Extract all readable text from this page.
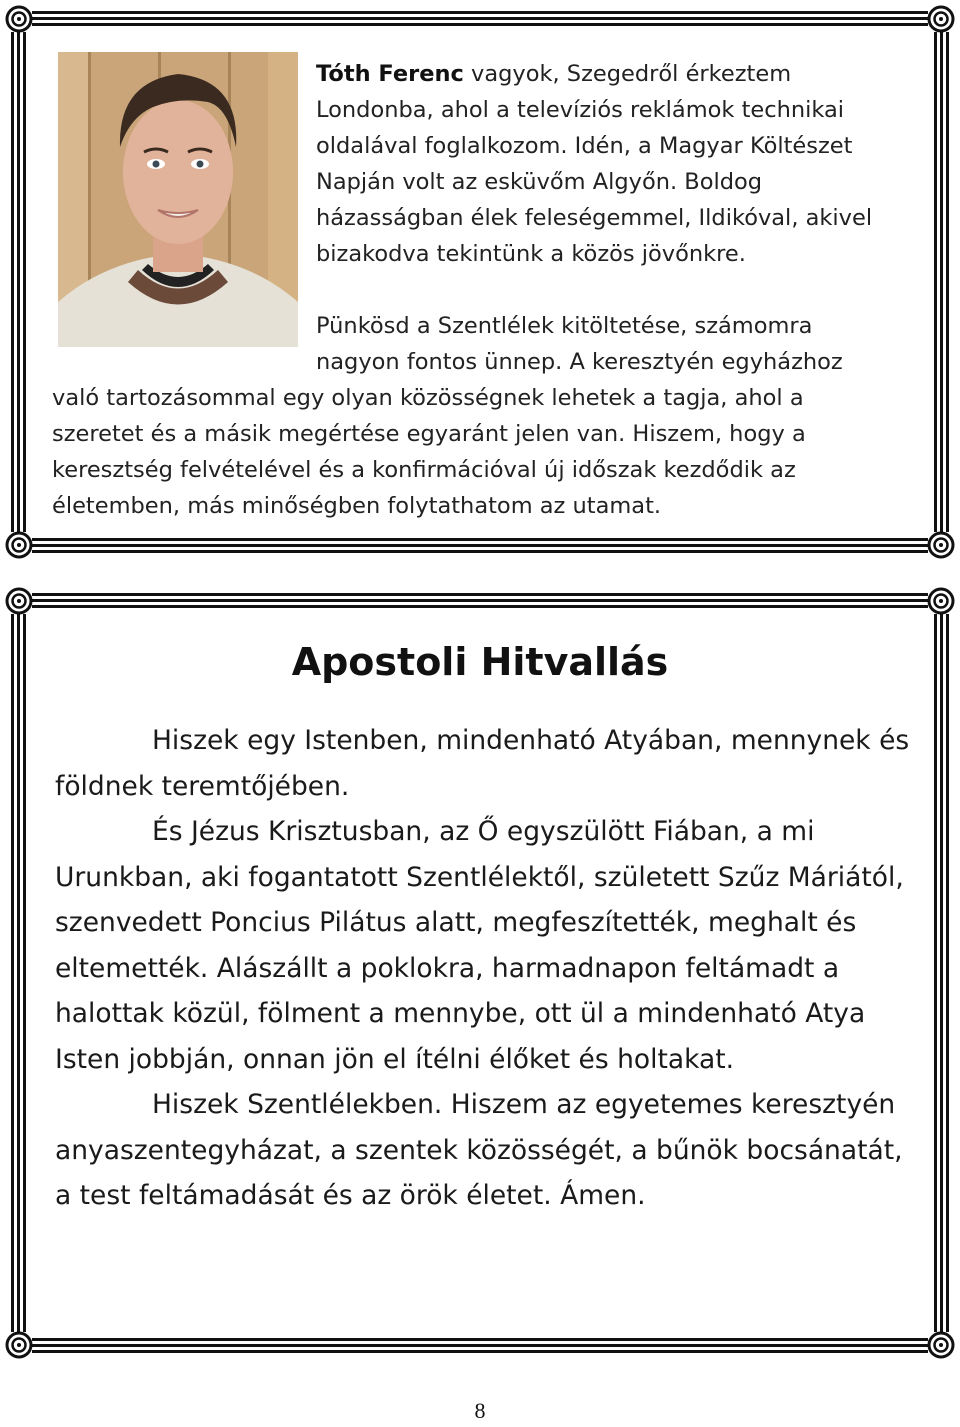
Tóth Ferenc vagyok, Szegedről érkeztem Londonba, ahol a televíziós reklámok technikai oldalával foglalkozom. Idén, a Magyar Költészet Napján volt az esküvőm Algyőn. Boldog házasságban élek feleségemmel, Ildikóval, akivel bizakodva tekintünk a közös jövőnkre.

Pünkösd a Szentlélek kitöltetése, számomra nagyon fontos ünnep. A keresztyén egyházhoz való tartozásommal egy olyan közösségnek lehetek a tagja, ahol a szeretet és a másik megértése egyaránt jelen van. Hiszem, hogy a keresztség felvételével és a konfirmációval új időszak kezdődik az életemben, más minőségben folytathatom az utamat.

Apostoli Hitvallás

Hiszek egy Istenben, mindenható Atyában, mennynek és földnek teremtőjében.

És Jézus Krisztusban, az Ő egyszülött Fiában, a mi Urunkban, aki fogantatott Szentlélektől, született Szűz Máriától, szenvedett Poncius Pilátus alatt, megfeszítették, meghalt és eltemették. Alászállt a poklokra, harmadnapon feltámadt a halottak közül, fölment a mennybe, ott ül a mindenható Atya Isten jobbján, onnan jön el ítélni élőket és holtakat.

Hiszek Szentlélekben. Hiszem az egyetemes keresztyén anyaszentegyházat, a szentek közösségét, a bűnök bocsánatát, a test feltámadását és az örök életet. Ámen.

8
